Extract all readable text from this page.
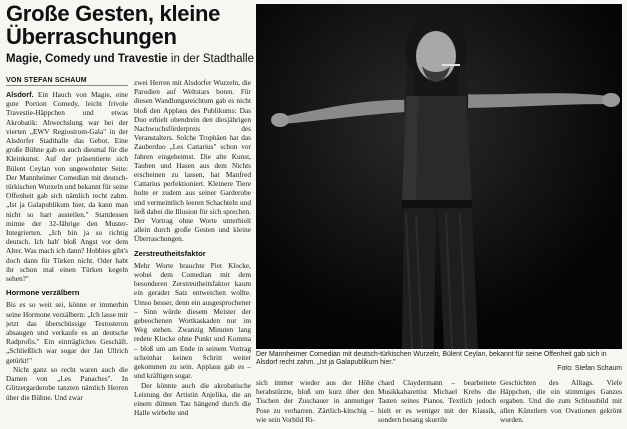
Große Gesten, kleine
Überraschungen
Magie, Comedy und Travestie in der Stadthalle
VON STEFAN SCHAUM

Alsdorf. Ein Hauch von Magie, eine gute Portion Comedy, leicht frivole Travestie-Häppchen und etwas Akrobatik: Abwechslung war bei der vierten „EWV Regiostrom-Gala" in der Alsdorfer Stadthalle das Gebot. Eine große Bühne gab es auch diesmal für die Kleinkunst. Auf der präsentierte sich Bülent Ceylan von ungewohnter Seite: Der Mannheimer Comedian mit deutsch-türkischen Wurzeln und bekannt für seine Offenheit gab sich nämlich recht zahm. „Ist ja Galapublikum hier, da kann man nicht so hart austeilen." Stattdessen mimte der 32-Jährige den Muster-Integrierten. „Ich bin ja so richtig deutsch. Ich hab' bloß Angst vor dem Alter. Was mach ich dann? Hobbies gibt's doch dann für Türken nicht. Oder habt ihr schon mal einen Türken kegeln sehen?"

Hormone verzälbern

Bis es so weit sei, könne er immerhin seine Hormone verzälbern: „Ich lasse mir jetzt das überschüssige Testosteron absaugen und verkaufe es an deutsche Radprofis." Ein einträgliches Geschäft. „Schließlich war sogar der Jan Ullrich getürkt!"

Nicht ganz so recht waren auch die Damen von „Les Panaches". In Glitzergarderobe tanzten nämlich Herren über die Bühne. Und zwar

zwei Herren mit Alsdorfer Wurzeln, die Parodien auf Weltstars boten. Für diesen Wandlungsreichtum gab es nicht bloß den Applaus des Publikums: Das Duo erhielt obendrein den diesjährigen Nachwuchsförderpreis des Veranstalters. Solche Trophäen hat das Zauberduo „Les Cattarius" schon vor Jahren eingeheimst. Die alte Kunst, Tauben und Hasen aus dem Nichts erscheinen zu lassen, hat Manfred Cattarius perfektioniert. Kleinere Tiere holte er zudem aus seiner Garderobe und vermeintlich leeren Schachteln und ließ dabei die Illusion für sich sprechen. Der Vortrag ohne Worte unterhielt allein durch große Gesten und kleine Überraschungen.

Zerstreutheitsfaktor

Mehr Worte brauchte Piet Klocke, wobei dem Comedian mit dem besonderen Zerstreutheitsfaktor kaum ein gerader Satz entweichen wollte. Umso besser, denn ein ausgesprochener – Sinn würde diesem Meister der gebeochenen Wortkaskaden nur im Weg stehen. Zwanzig Minuten lang redete Klocke ohne Punkt und Komma – bloß um am Ende in seinem Vortrag scheinbar keinen Schritt weiter gekommen zu sein. Applaus gab es – und kräftigen sogar.

Der könnte auch die akrobatische Leistung der Artistin Anjelika, die an einem dünnen Tau hängend durch die Halle wirbelte und

Der Mannheimer Comedian mit deutsch-türkischen Wurzeln, Bülent Ceylan, bekannt für seine Offenheit gab sich in Alsdorf recht zahm. „Ist ja Galapublikum hier."
Foto: Stefan Schaum

sich immer wieder aus der Höhe herabstürzte, bloß um kurz über den Tischen der Zuschauer in anmutiger Pose zu verharren. Zärtlich-kitschig – wie sein Vorbild Ri-

chard Claydermann – bearbeitete Musikkabarettist Michael Krebs die Tasten seines Pianos. Textlich jedoch hielt er es weniger mit der Klassik, sondern besang skurrile

Geschichten des Alltags. Viele Häppchen, die ein stimmiges Ganzes ergaben. Und die zum Schlussbild mit allen Künstlern von Ovationen gekrönt wurden.
